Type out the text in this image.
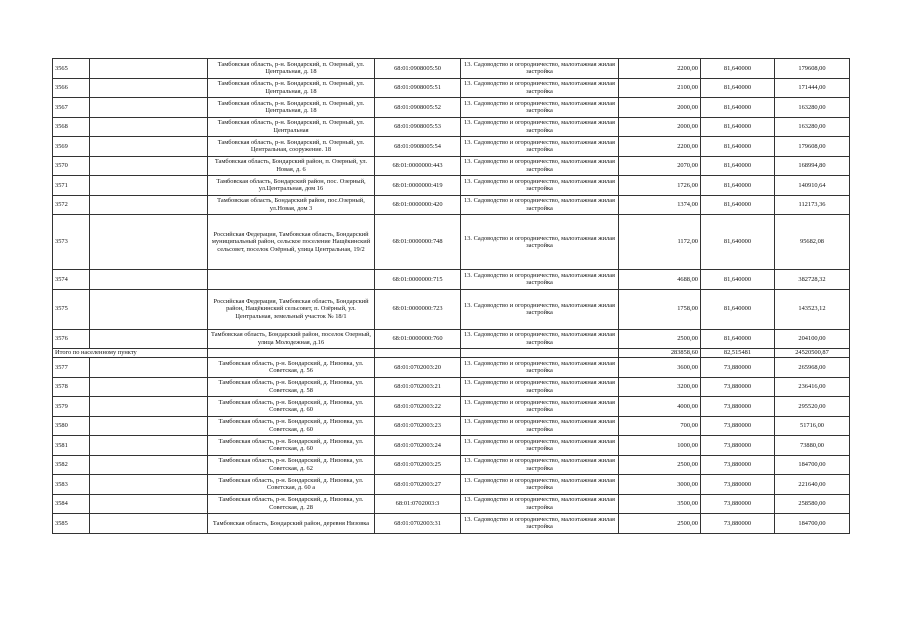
3565		Тамбовская область, р-н. Бондарский, п. Озерный, ул. Центральная, д. 18	68:01:0908005:50	13. Садоводство и огородничество, малоэтажная жилая застройка	2200,00	81,640000	179608,00
3566		Тамбовская область, р-н. Бондарский, п. Озерный, ул. Центральная, д. 18	68:01:0908005:51	13. Садоводство и огородничество, малоэтажная жилая застройка	2100,00	81,640000	171444,00
3567		Тамбовская область, р-н. Бондарский, п. Озерный, ул. Центральная, д. 18	68:01:0908005:52	13. Садоводство и огородничество, малоэтажная жилая застройка	2000,00	81,640000	163280,00
3568		Тамбовская область, р-н. Бондарский, п. Озерный, ул. Центральная	68:01:0908005:53	13. Садоводство и огородничество, малоэтажная жилая застройка	2000,00	81,640000	163280,00
3569		Тамбовская область, р-н. Бондарский, п. Озерный, ул. Центральная, сооружение. 18	68:01:0908005:54	13. Садоводство и огородничество, малоэтажная жилая застройка	2200,00	81,640000	179608,00
3570		Тамбовская область, Бондарский район, п. Озерный, ул. Новая, д. 6	68:01:0000000:443	13. Садоводство и огородничество, малоэтажная жилая застройка	2070,00	81,640000	168994,80
3571		Тамбовская область, Бондарский район, пос. Озерный, ул.Центральная, дом 16	68:01:0000000:419	13. Садоводство и огородничество, малоэтажная жилая застройка	1726,00	81,640000	140910,64
3572		Тамбовская область, Бондарский район, пос.Озерный, ул.Новая, дом 3	68:01:0000000:420	13. Садоводство и огородничество, малоэтажная жилая застройка	1374,00	81,640000	112173,36
3573		Российская Федерация, Тамбовская область, Бондарский муниципальный район, сельское поселение Нащёкинский сельсовет, поселок Озёрный, улица Центральная, 19/2	68:01:0000000:748	13. Садоводство и огородничество, малоэтажная жилая застройка	1172,00	81,640000	95682,08
3574			68:01:0000000:715	13. Садоводство и огородничество, малоэтажная жилая застройка	4688,00	81,640000	382728,32
3575		Российская Федерация, Тамбовская область, Бондарский район, Нащёкинский сельсовет, п. Озёрный, ул. Центральная, земельный участок № 18/1	68:01:0000000:723	13. Садоводство и огородничество, малоэтажная жилая застройка	1758,00	81,640000	143523,12
3576		Тамбовская область, Бондарский район, поселок Озерный, улица Молодежная, д.16	68:01:0000000:760	13. Садоводство и огородничество, малоэтажная жилая застройка	2500,00	81,640000	204100,00
Итого по населенному пункту					283858,60	82,515481	24520500,87
3577		Тамбовская область, р-н. Бондарский, д. Низовка, ул. Советская, д. 56	68:01:0702003:20	13. Садоводство и огородничество, малоэтажная жилая застройка	3600,00	73,880000	265968,00
3578		Тамбовская область, р-н. Бондарский, д. Низовка, ул. Советская, д. 58	68:01:0702003:21	13. Садоводство и огородничество, малоэтажная жилая застройка	3200,00	73,880000	236416,00
3579		Тамбовская область, р-н. Бондарский, д. Низовка, ул. Советская, д. 60	68:01:0702003:22	13. Садоводство и огородничество, малоэтажная жилая застройка	4000,00	73,880000	295520,00
3580		Тамбовская область, р-н. Бондарский, д. Низовка, ул. Советская, д. 60	68:01:0702003:23	13. Садоводство и огородничество, малоэтажная жилая застройка	700,00	73,880000	51716,00
3581		Тамбовская область, р-н. Бондарский, д. Низовка, ул. Советская, д. 60	68:01:0702003:24	13. Садоводство и огородничество, малоэтажная жилая застройка	1000,00	73,880000	73880,00
3582		Тамбовская область, р-н. Бондарский, д. Низовка, ул. Советская, д. 62	68:01:0702003:25	13. Садоводство и огородничество, малоэтажная жилая застройка	2500,00	73,880000	184700,00
3583		Тамбовская область, р-н. Бондарский, д. Низовка, ул. Советская, д. 60 а	68:01:0702003:27	13. Садоводство и огородничество, малоэтажная жилая застройка	3000,00	73,880000	221640,00
3584		Тамбовская область, р-н. Бондарский, д. Низовка, ул. Советская, д. 28	68:01:0702003:3	13. Садоводство и огородничество, малоэтажная жилая застройка	3500,00	73,880000	258580,00
3585		Тамбовская область, Бондарский район, деревня Низовка	68:01:0702003:31	13. Садоводство и огородничество, малоэтажная жилая застройка	2500,00	73,880000	184700,00
